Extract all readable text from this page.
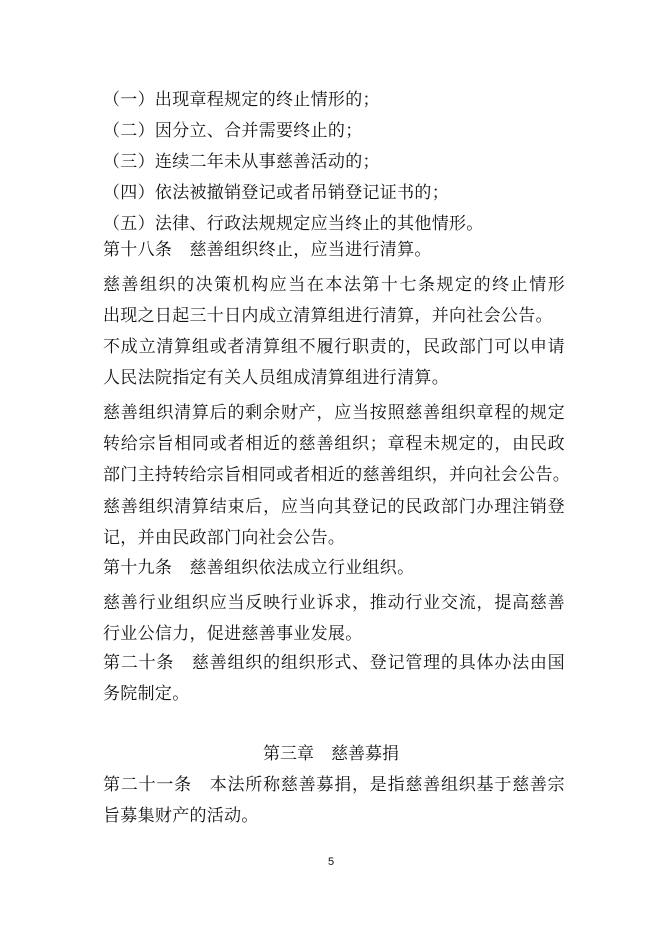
（一）出现章程规定的终止情形的；
（二）因分立、合并需要终止的；
（三）连续二年未从事慈善活动的；
（四）依法被撤销登记或者吊销登记证书的；
（五）法律、行政法规规定应当终止的其他情形。
第十八条　慈善组织终止，应当进行清算。
慈善组织的决策机构应当在本法第十七条规定的终止情形
出现之日起三十日内成立清算组进行清算，并向社会公告。
不成立清算组或者清算组不履行职责的，民政部门可以申请
人民法院指定有关人员组成清算组进行清算。
慈善组织清算后的剩余财产，应当按照慈善组织章程的规定
转给宗旨相同或者相近的慈善组织；章程未规定的，由民政
部门主持转给宗旨相同或者相近的慈善组织，并向社会公告。
慈善组织清算结束后，应当向其登记的民政部门办理注销登
记，并由民政部门向社会公告。
第十九条　慈善组织依法成立行业组织。
慈善行业组织应当反映行业诉求，推动行业交流，提高慈善
行业公信力，促进慈善事业发展。
第二十条　慈善组织的组织形式、登记管理的具体办法由国
务院制定。
第三章　慈善募捐
第二十一条　本法所称慈善募捐，是指慈善组织基于慈善宗
旨募集财产的活动。
5
